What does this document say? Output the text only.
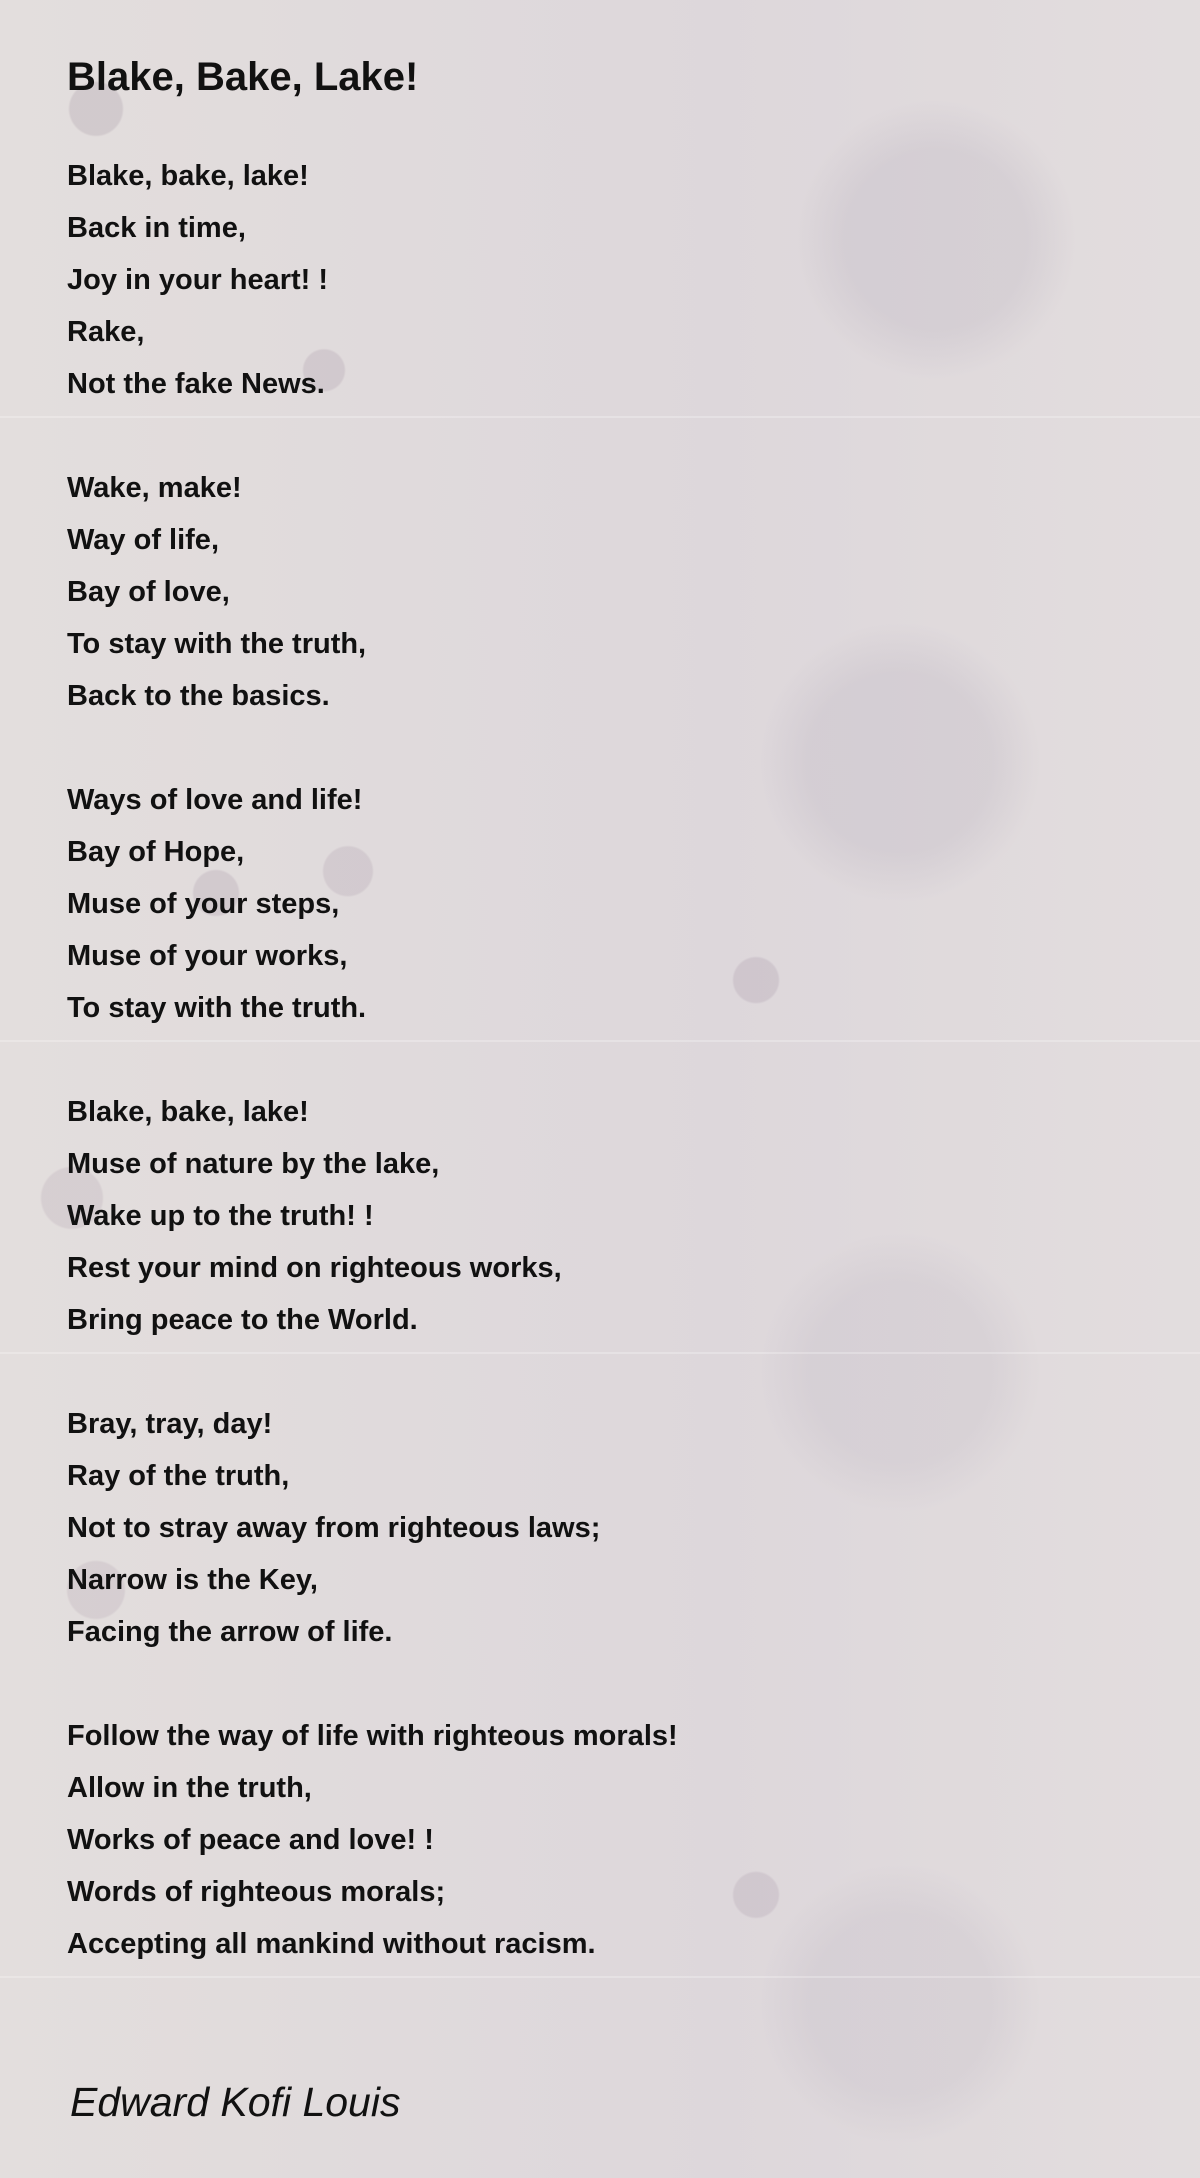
Blake, Bake, Lake!
Blake, bake, lake!
Back in time,
Joy in your heart! !
Rake,
Not the fake News.
Wake, make!
Way of life,
Bay of love,
To stay with the truth,
Back to the basics.
Ways of love and life!
Bay of Hope,
Muse of your steps,
Muse of your works,
To stay with the truth.
Blake, bake, lake!
Muse of nature by the lake,
Wake up to the truth! !
Rest your mind on righteous works,
Bring peace to the World.
Bray, tray, day!
Ray of the truth,
Not to stray away from righteous laws;
Narrow is the Key,
Facing the arrow of life.
Follow the way of life with righteous morals!
Allow in the truth,
Works of peace and love! !
Words of righteous morals;
Accepting all mankind without racism.
Edward Kofi Louis
